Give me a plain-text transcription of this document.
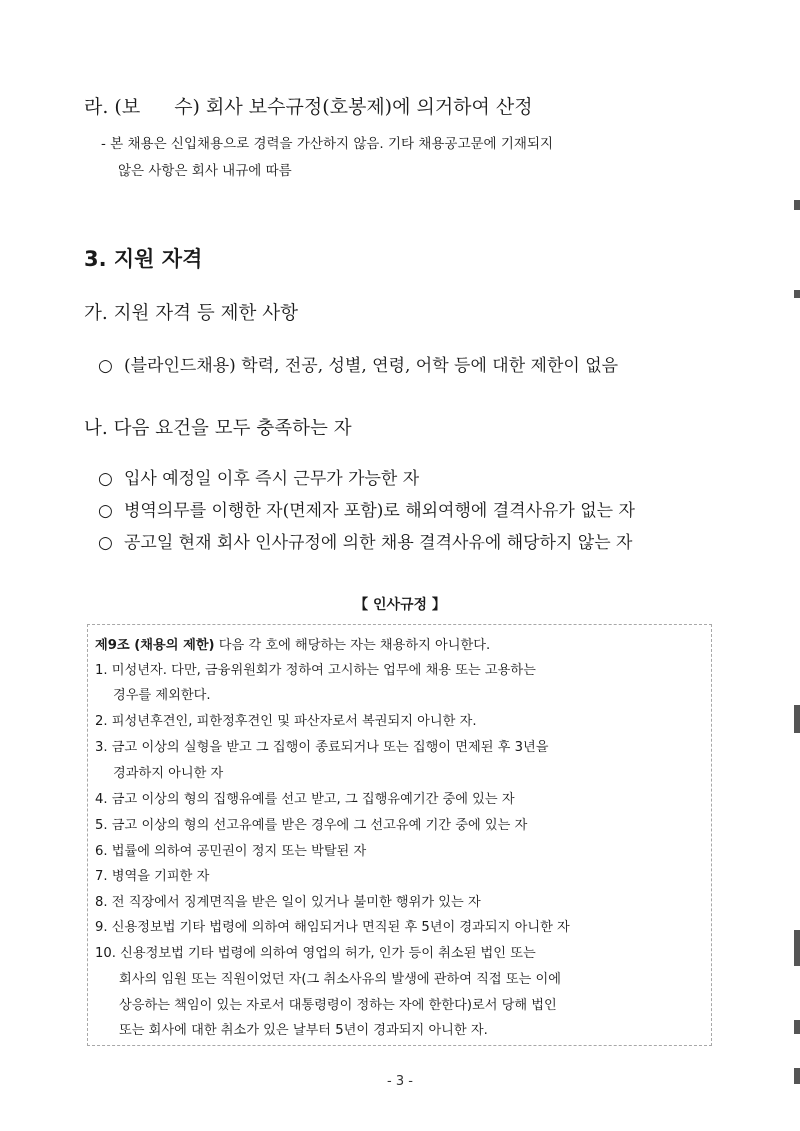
라. (보 수) 회사 보수규정(호봉제)에 의거하여 산정
- 본 채용은 신입채용으로 경력을 가산하지 않음. 기타 채용공고문에 기재되지
않은 사항은 회사 내규에 따름
3. 지원 자격
가. 지원 자격 등 제한 사항
○ (블라인드채용) 학력, 전공, 성별, 연령, 어학 등에 대한 제한이 없음
나. 다음 요건을 모두 충족하는 자
○ 입사 예정일 이후 즉시 근무가 가능한 자
○ 병역의무를 이행한 자(면제자 포함)로 해외여행에 결격사유가 없는 자
○ 공고일 현재 회사 인사규정에 의한 채용 결격사유에 해당하지 않는 자
【 인사규정 】
제9조 (채용의 제한) 다음 각 호에 해당하는 자는 채용하지 아니한다.
1. 미성년자. 다만, 금융위원회가 정하여 고시하는 업무에 채용 또는 고용하는
경우를 제외한다.
2. 피성년후견인, 피한정후견인 및 파산자로서 복권되지 아니한 자.
3. 금고 이상의 실형을 받고 그 집행이 종료되거나 또는 집행이 면제된 후 3년을
경과하지 아니한 자
4. 금고 이상의 형의 집행유예를 선고 받고, 그 집행유예기간 중에 있는 자
5. 금고 이상의 형의 선고유예를 받은 경우에 그 선고유예 기간 중에 있는 자
6. 법률에 의하여 공민권이 정지 또는 박탈된 자
7. 병역을 기피한 자
8. 전 직장에서 징계면직을 받은 일이 있거나 불미한 행위가 있는 자
9. 신용정보법 기타 법령에 의하여 해임되거나 면직된 후 5년이 경과되지 아니한 자
10. 신용정보법 기타 법령에 의하여 영업의 허가, 인가 등이 취소된 법인 또는
회사의 임원 또는 직원이었던 자(그 취소사유의 발생에 관하여 직접 또는 이에
상응하는 책임이 있는 자로서 대통령령이 정하는 자에 한한다)로서 당해 법인
또는 회사에 대한 취소가 있은 날부터 5년이 경과되지 아니한 자.
- 3 -
